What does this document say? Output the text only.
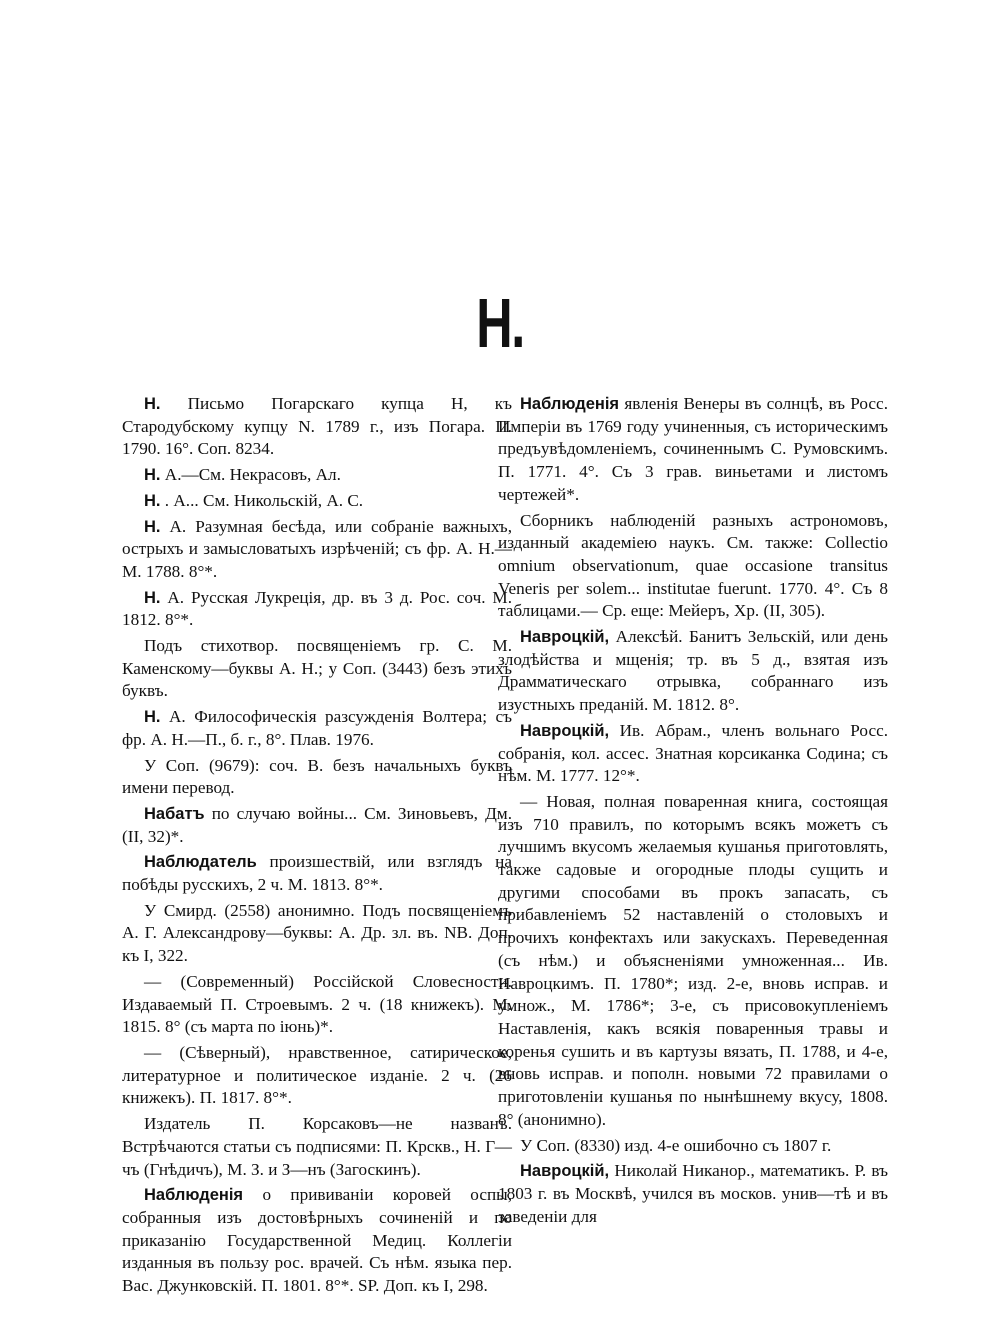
Н.

Н. Письмо Погарскаго купца Н, къ Стародубскому купцу N. 1789 г., изъ Погара. П. 1790. 16°. Соп. 8234.

Н. А.—См. Некрасовъ, Ал.

Н. . А... См. Никольскій, А. С.

Н. А. Разумная бесѣда, или собраніе важныхъ, острыхъ и замысловатыхъ изрѣченій; съ фр. А. Н.—М. 1788. 8°*.

Н. А. Русская Лукреція, др. въ 3 д. Рос. соч. М. 1812. 8°*.

Подъ стихотвор. посвященіемъ гр. С. М. Каменскому—буквы А. Н.; у Соп. (3443) безъ этихъ буквъ.

Н. А. Философическія разсужденія Волтера; съ фр. А. Н.—П., б. г., 8°. Плав. 1976.

У Соп. (9679): соч. В. безъ начальныхъ буквъ имени перевод.

Набатъ по случаю войны... См. Зиновьевъ, Дм. (II, 32)*.

Наблюдатель произшествій, или взглядъ на побѣды русскихъ, 2 ч. М. 1813. 8°*.

У Смирд. (2558) анонимно. Подъ посвященіемъ А. Г. Александрову—буквы: А. Др. зл. въ. NB. Доп. къ I, 322.

— (Современный) Россійской Словесности. Издаваемый П. Строевымъ. 2 ч. (18 книжекъ). М. 1815. 8° (съ марта по іюнь)*.

— (Сѣверный), нравственное, сатирическое, литературное и политическое изданіе. 2 ч. (26 книжекъ). П. 1817. 8°*.

Издатель П. Корсаковъ—не названъ. Встрѣчаются статьи съ подписями: П. Крскв., Н. Г—чъ (Гнѣдичъ), М. З. и З—нъ (Загоскинъ).

Наблюденія о прививаніи коровей оспы, собранныя изъ достовѣрныхъ сочиненій и по приказанію Государственной Медиц. Коллегіи изданныя въ пользу рос. врачей. Съ нѣм. языка пер. Вас. Джунковскій. П. 1801. 8°*. SP. Доп. къ I, 298.

Наблюденія явленія Венеры въ солнцѣ, въ Росс. Имперіи въ 1769 году учиненныя, съ историческимъ предъувѣдомленіемъ, сочиненнымъ С. Румовскимъ. П. 1771. 4°. Съ 3 грав. виньетами и листомъ чертежей*.

Сборникъ наблюденій разныхъ астрономовъ, изданный академіею наукъ. См. также: Collectio omnium observationum, quae occasione transitus Veneris per solem... institutae fuerunt. 1770. 4°. Съ 8 таблицами.— Ср. еще: Мейеръ, Хр. (II, 305).

Навроцкій, Алексѣй. Банитъ Зельскій, или день злодѣйства и мщенія; тр. въ 5 д., взятая изъ Драмматическаго отрывка, собраннаго изъ изустныхъ преданій. М. 1812. 8°.

Навроцкій, Ив. Абрам., членъ вольнаго Росс. собранія, кол. ассес. Знатная корсиканка Содина; съ нѣм. М. 1777. 12°*.

— Новая, полная поваренная книга, состоящая изъ 710 правилъ, по которымъ всякъ можетъ съ лучшимъ вкусомъ желаемыя кушанья приготовлять, также садовые и огородные плоды сущить и другими способами въ прокъ запасать, съ прибавленіемъ 52 наставленій о столовыхъ и прочихъ конфектахъ или закускахъ. Переведенная (съ нѣм.) и объясненіями умноженная... Ив. Навроцкимъ. П. 1780*; изд. 2-е, вновь исправ. и умнож., М. 1786*; 3-е, съ присовокупленіемъ Наставленія, какъ всякія поваренныя травы и коренья сушить и въ картузы вязать, П. 1788, и 4-е, вновь исправ. и пополн. новыми 72 правилами о приготовленіи кушанья по нынѣшнему вкусу, 1808. 8° (анонимно).

У Соп. (8330) изд. 4-е ошибочно съ 1807 г.

Навроцкій, Николай Никанор., математикъ. Р. въ 1803 г. въ Москвѣ, учился въ москов. унив—тѣ и въ заведеніи для
